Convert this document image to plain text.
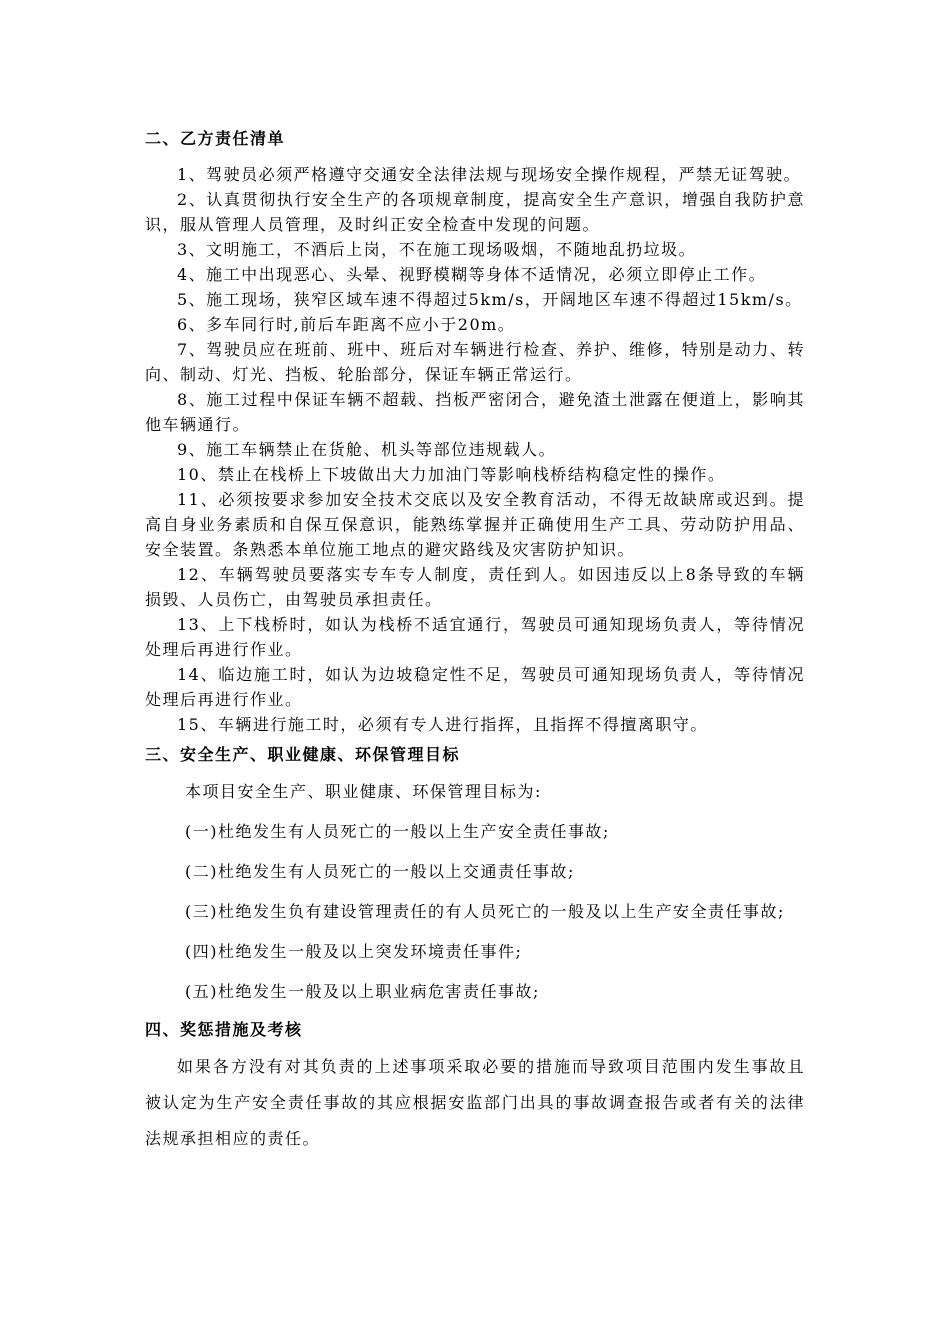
二、乙方责任清单

1、驾驶员必须严格遵守交通安全法律法规与现场安全操作规程，严禁无证驾驶。

2、认真贯彻执行安全生产的各项规章制度，提高安全生产意识，增强自我防护意识，服从管理人员管理，及时纠正安全检查中发现的问题。

3、文明施工，不酒后上岗，不在施工现场吸烟，不随地乱扔垃圾。

4、施工中出现恶心、头晕、视野模糊等身体不适情况，必须立即停止工作。

5、施工现场，狭窄区域车速不得超过5km/s，开阔地区车速不得超过15km/s。

6、多车同行时,前后车距离不应小于20m。

7、驾驶员应在班前、班中、班后对车辆进行检查、养护、维修，特别是动力、转向、制动、灯光、挡板、轮胎部分，保证车辆正常运行。

8、施工过程中保证车辆不超载、挡板严密闭合，避免渣土泄露在便道上，影响其他车辆通行。

9、施工车辆禁止在货舱、机头等部位违规载人。

10、禁止在栈桥上下坡做出大力加油门等影响栈桥结构稳定性的操作。

11、必须按要求参加安全技术交底以及安全教育活动，不得无故缺席或迟到。提高自身业务素质和自保互保意识，能熟练掌握并正确使用生产工具、劳动防护用品、安全装置。条熟悉本单位施工地点的避灾路线及灾害防护知识。

12、车辆驾驶员要落实专车专人制度，责任到人。如因违反以上8条导致的车辆损毁、人员伤亡，由驾驶员承担责任。

13、上下栈桥时，如认为栈桥不适宜通行，驾驶员可通知现场负责人，等待情况处理后再进行作业。

14、临边施工时，如认为边坡稳定性不足，驾驶员可通知现场负责人，等待情况处理后再进行作业。

15、车辆进行施工时，必须有专人进行指挥，且指挥不得擅离职守。

三、安全生产、职业健康、环保管理目标

本项目安全生产、职业健康、环保管理目标为:

(一)杜绝发生有人员死亡的一般以上生产安全责任事故;

(二)杜绝发生有人员死亡的一般以上交通责任事故;

(三)杜绝发生负有建设管理责任的有人员死亡的一般及以上生产安全责任事故;

(四)杜绝发生一般及以上突发环境责任事件;

(五)杜绝发生一般及以上职业病危害责任事故;

四、奖惩措施及考核

如果各方没有对其负责的上述事项采取必要的措施而导致项目范围内发生事故且被认定为生产安全责任事故的其应根据安监部门出具的事故调查报告或者有关的法律法规承担相应的责任。
